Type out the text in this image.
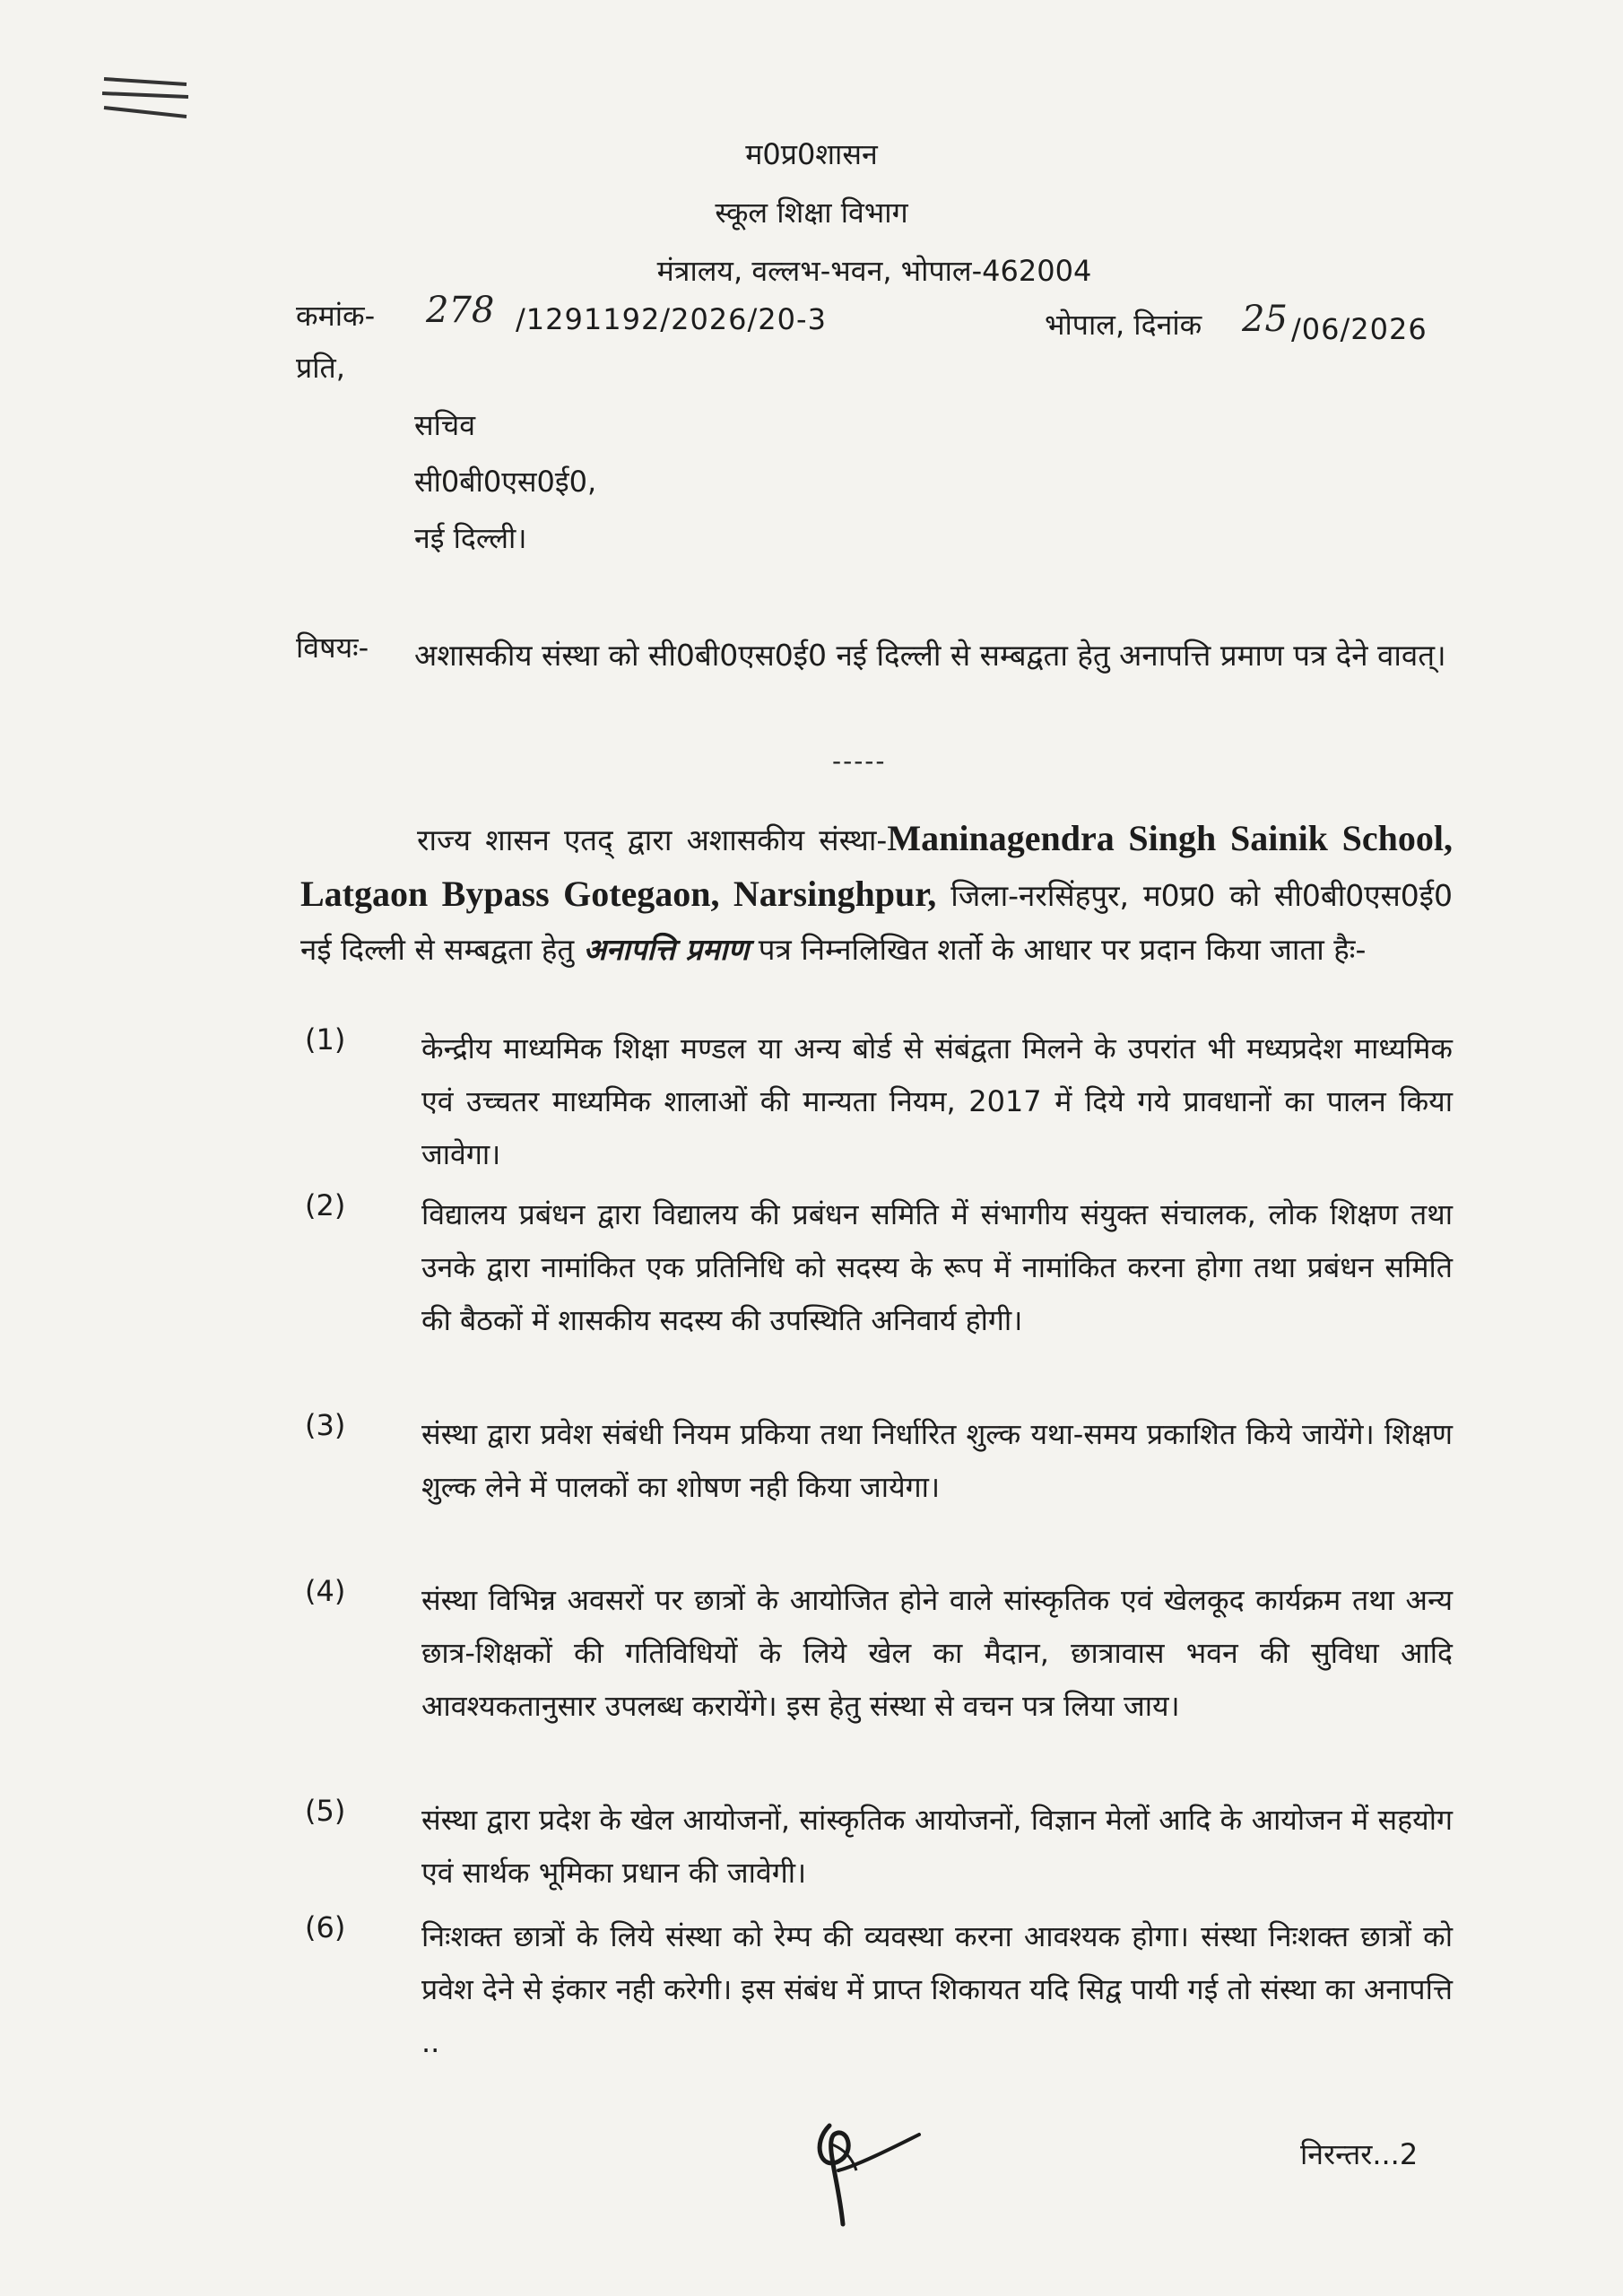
म0प्र0शासन
स्कूल शिक्षा विभाग
मंत्रालय, वल्लभ-भवन, भोपाल-462004
कमांक- 278 /1291192/2026/20-3	भोपाल, दिनांक 25 /06/2026
प्रति,
सचिव
सी0बी0एस0ई0,
नई दिल्ली।
विषयः- अशासकीय संस्था को सी0बी0एस0ई0 नई दिल्ली से सम्बद्वता हेतु अनापत्ति प्रमाण पत्र देने वावत्।
-----
राज्य शासन एतद् द्वारा अशासकीय संस्था-Maninagendra Singh Sainik School, Latgaon Bypass Gotegaon, Narsinghpur, जिला-नरसिंहपुर, म0प्र0 को सी0बी0एस0ई0 नई दिल्ली से सम्बद्वता हेतु अनापत्ति प्रमाण पत्र निम्नलिखित शर्तो के आधार पर प्रदान किया जाता हैः-
(1)	केन्द्रीय माध्यमिक शिक्षा मण्डल या अन्य बोर्ड से संबंद्वता मिलने के उपरांत भी मध्यप्रदेश माध्यमिक एवं उच्चतर माध्यमिक शालाओं की मान्यता नियम, 2017 में दिये गये प्रावधानों का पालन किया जावेगा।
(2)	विद्यालय प्रबंधन द्वारा विद्यालय की प्रबंधन समिति में संभागीय संयुक्त संचालक, लोक शिक्षण तथा उनके द्वारा नामांकित एक प्रतिनिधि को सदस्य के रूप में नामांकित करना होगा तथा प्रबंधन समिति की बैठकों में शासकीय सदस्य की उपस्थिति अनिवार्य होगी।
(3)	संस्था द्वारा प्रवेश संबंधी नियम प्रकिया तथा निर्धारित शुल्क यथा-समय प्रकाशित किये जायेंगे। शिक्षण शुल्क लेने में पालकों का शोषण नही किया जायेगा।
(4)	संस्था विभिन्न अवसरों पर छात्रों के आयोजित होने वाले सांस्कृतिक एवं खेलकूद कार्यक्रम तथा अन्य छात्र-शिक्षकों की गतिविधियों के लिये खेल का मैदान, छात्रावास भवन की सुविधा आदि आवश्यकतानुसार उपलब्ध करायेंगे। इस हेतु संस्था से वचन पत्र लिया जाय।
(5)	संस्था द्वारा प्रदेश के खेल आयोजनों, सांस्कृतिक आयोजनों, विज्ञान मेलों आदि के आयोजन में सहयोग एवं सार्थक भूमिका प्रधान की जावेगी।
(6)	निःशक्त छात्रों के लिये संस्था को रेम्प की व्यवस्था करना आवश्यक होगा। संस्था निःशक्त छात्रों को प्रवेश देने से इंकार नही करेगी। इस संबंध में प्राप्त शिकायत यदि सिद्व पायी गई तो संस्था का अनापत्ति ..
निरन्तर...2
